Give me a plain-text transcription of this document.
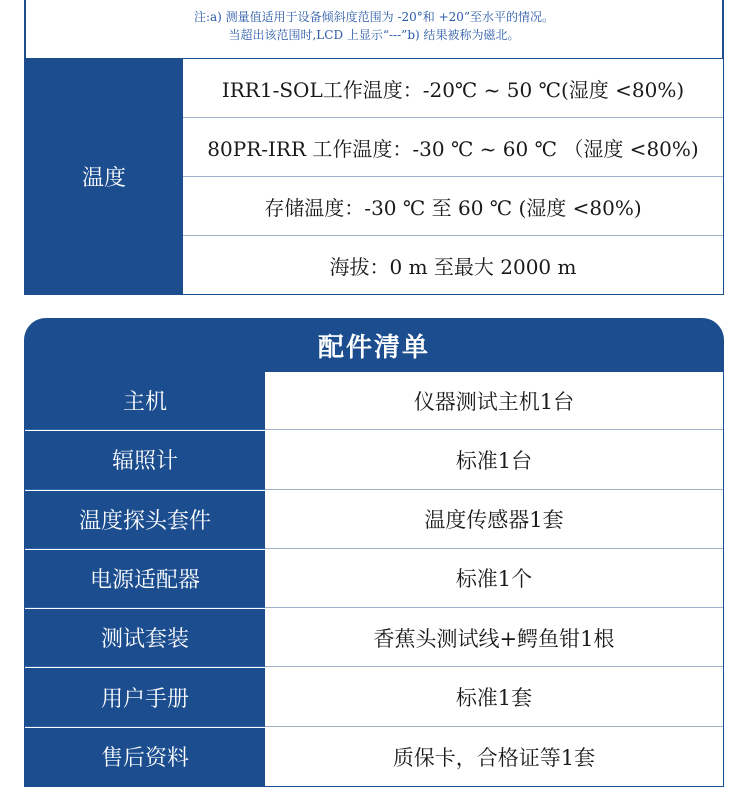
注:a) 测量值适用于设备倾斜度范围为 -20°和 +20”至水平的情况。
当超出该范围时,LCD 上显示“---”b) 结果被称为磁北。
温度
IRR1-SOL工作温度：-20℃ ~ 50 ℃(湿度 <80%)
80PR-IRR 工作温度：-30 ℃ ~ 60 ℃ （湿度 <80%)
存储温度：-30 ℃ 至 60 ℃ (湿度 <80%)
海拔：0 m 至最大 2000 m
配件清单
主机	仪器测试主机1台
辐照计	标准1台
温度探头套件	温度传感器1套
电源适配器	标准1个
测试套装	香蕉头测试线+鳄鱼钳1根
用户手册	标准1套
售后资料	质保卡，合格证等1套
